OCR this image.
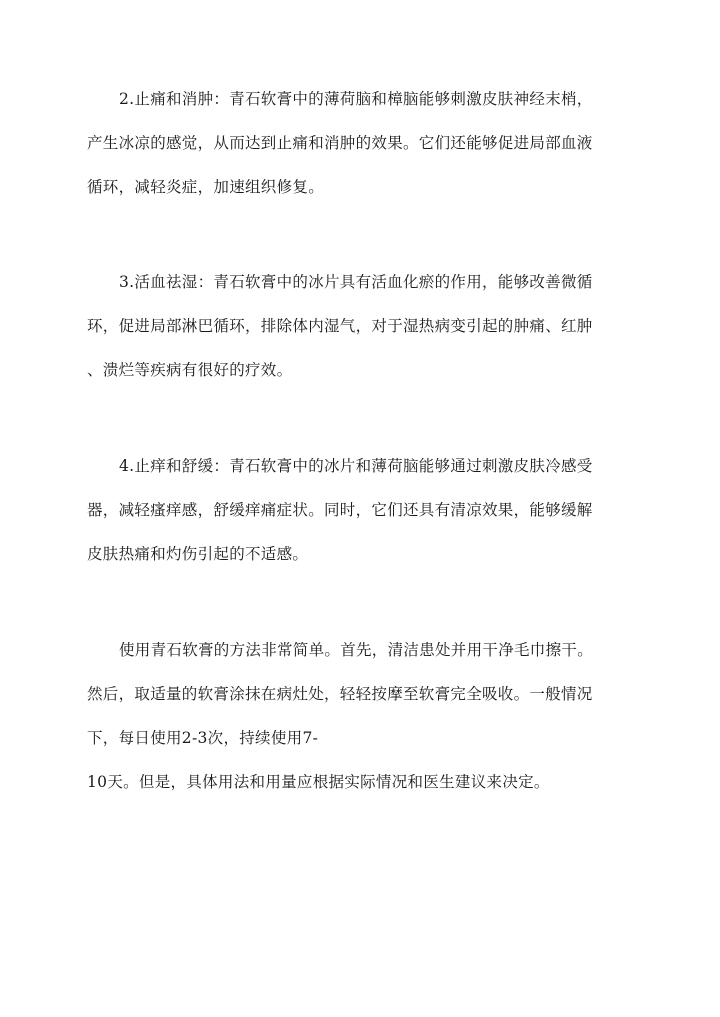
2.止痛和消肿：青石软膏中的薄荷脑和樟脑能够刺激皮肤神经末梢，
产生冰凉的感觉，从而达到止痛和消肿的效果。它们还能够促进局部血液
循环，减轻炎症，加速组织修复。
3.活血祛湿：青石软膏中的冰片具有活血化瘀的作用，能够改善微循
环，促进局部淋巴循环，排除体内湿气，对于湿热病变引起的肿痛、红肿
、溃烂等疾病有很好的疗效。
4.止痒和舒缓：青石软膏中的冰片和薄荷脑能够通过刺激皮肤冷感受
器，减轻瘙痒感，舒缓痒痛症状。同时，它们还具有清凉效果，能够缓解
皮肤热痛和灼伤引起的不适感。
使用青石软膏的方法非常简单。首先，清洁患处并用干净毛巾擦干。
然后，取适量的软膏涂抹在病灶处，轻轻按摩至软膏完全吸收。一般情况
下，每日使用2-3次，持续使用7-
10天。但是，具体用法和用量应根据实际情况和医生建议来决定。
